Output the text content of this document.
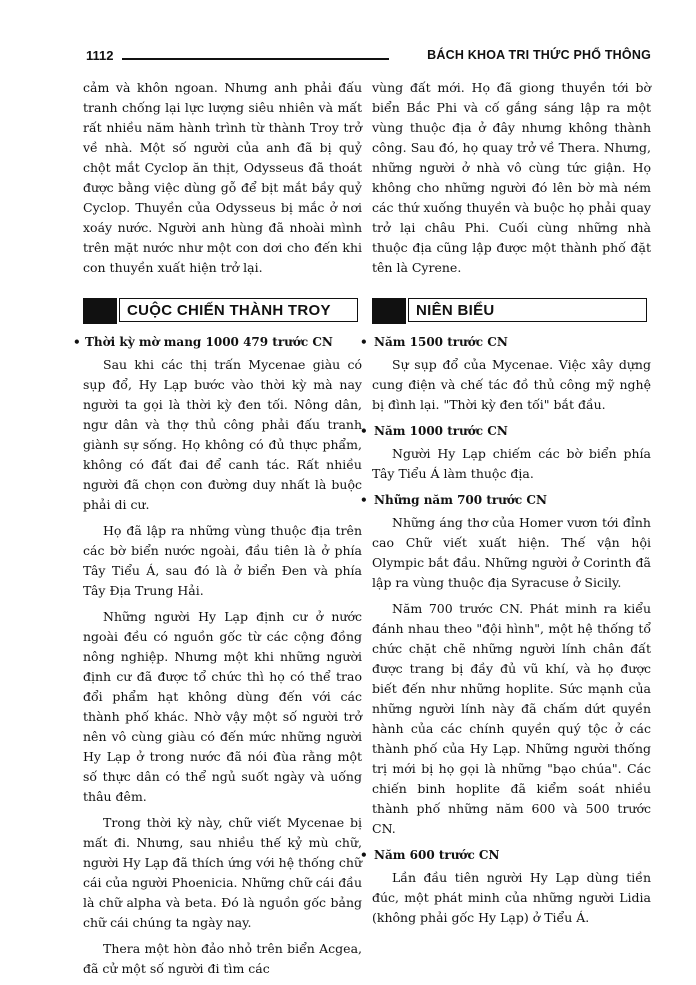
1112	BÁCH KHOA TRI THỨC PHỔ THÔNG

cảm và khôn ngoan. Nhưng anh phải đấu tranh chống lại lực lượng siêu nhiên và mất rất nhiều năm hành trình từ thành Troy trở về nhà. Một số người của anh đã bị quỷ chột mắt Cyclop ăn thịt, Odysseus đã thoát được bằng việc dùng gỗ để bịt mắt bầy quỷ Cyclop. Thuyền của Odysseus bị mắc ở nơi xoáy nước. Người anh hùng đã nhoài mình trên mặt nước như một con dơi cho đến khi con thuyền xuất hiện trở lại.

CUỘC CHIẾN THÀNH TROY
• Thời kỳ mờ mang 1000 479 trước CN

Sau khi các thị trấn Mycenae giàu có sụp đổ, Hy Lạp bước vào thời kỳ mà nay người ta gọi là thời kỳ đen tối. Nông dân, ngư dân và thợ thủ công phải đấu tranh giành sự sống. Họ không có đủ thực phẩm, không có đất đai để canh tác. Rất nhiều người đã chọn con đường duy nhất là buộc phải di cư.

Họ đã lập ra những vùng thuộc địa trên các bờ biển nước ngoài, đầu tiên là ở phía Tây Tiểu Á, sau đó là ở biển Đen và phía Tây Địa Trung Hải.

Những người Hy Lạp định cư ở nước ngoài đều có nguồn gốc từ các cộng đồng nông nghiệp. Nhưng một khi những người định cư đã được tổ chức thì họ có thể trao đổi phẩm hạt không dùng đến với các thành phố khác. Nhờ vậy một số người trở nên vô cùng giàu có đến mức những người Hy Lạp ở trong nước đã nói đùa rằng một số thực dân có thể ngủ suốt ngày và uống thâu đêm.

Trong thời kỳ này, chữ viết Mycenae bị mất đi. Nhưng, sau nhiều thế kỷ mù chữ, người Hy Lạp đã thích ứng với hệ thống chữ cái của người Phoenicia. Những chữ cái đầu là chữ alpha và beta. Đó là nguồn gốc bảng chữ cái chúng ta ngày nay.

Thera một hòn đảo nhỏ trên biển Acgea, đã cử một số người đi tìm các

vùng đất mới. Họ đã giong thuyền tới bờ biển Bắc Phi và cố gắng sáng lập ra một vùng thuộc địa ở đây nhưng không thành công. Sau đó, họ quay trở về Thera. Nhưng, những người ở nhà vô cùng tức giận. Họ không cho những người đó lên bờ mà ném các thứ xuống thuyền và buộc họ phải quay trở lại châu Phi. Cuối cùng những nhà thuộc địa cũng lập được một thành phố đặt tên là Cyrene.

NIÊN BIỂU
• Năm 1500 trước CN

Sự sụp đổ của Mycenae. Việc xây dựng cung điện và chế tác đồ thủ công mỹ nghệ bị đình lại. "Thời kỳ đen tối" bắt đầu.

• Năm 1000 trước CN

Người Hy Lạp chiếm các bờ biển phía Tây Tiểu Á làm thuộc địa.

• Những năm 700 trước CN

Những áng thơ của Homer vươn tới đỉnh cao Chữ viết xuất hiện. Thế vận hội Olympic bắt đầu. Những người ở Corinth đã lập ra vùng thuộc địa Syracuse ở Sicily.

Năm 700 trước CN. Phát minh ra kiểu đánh nhau theo "đội hình", một hệ thống tổ chức chặt chẽ những người lính chân đất được trang bị đầy đủ vũ khí, và họ được biết đến như những hoplite. Sức mạnh của những người lính này đã chấm dứt quyền hành của các chính quyền quý tộc ở các thành phố của Hy Lạp. Những người thống trị mới bị họ gọi là những "bạo chúa". Các chiến binh hoplite đã kiểm soát nhiều thành phố những năm 600 và 500 trước CN.

• Năm 600 trước CN

Lần đầu tiên người Hy Lạp dùng tiền đúc, một phát minh của những người Lidia (không phải gốc Hy Lạp) ở Tiểu Á.
